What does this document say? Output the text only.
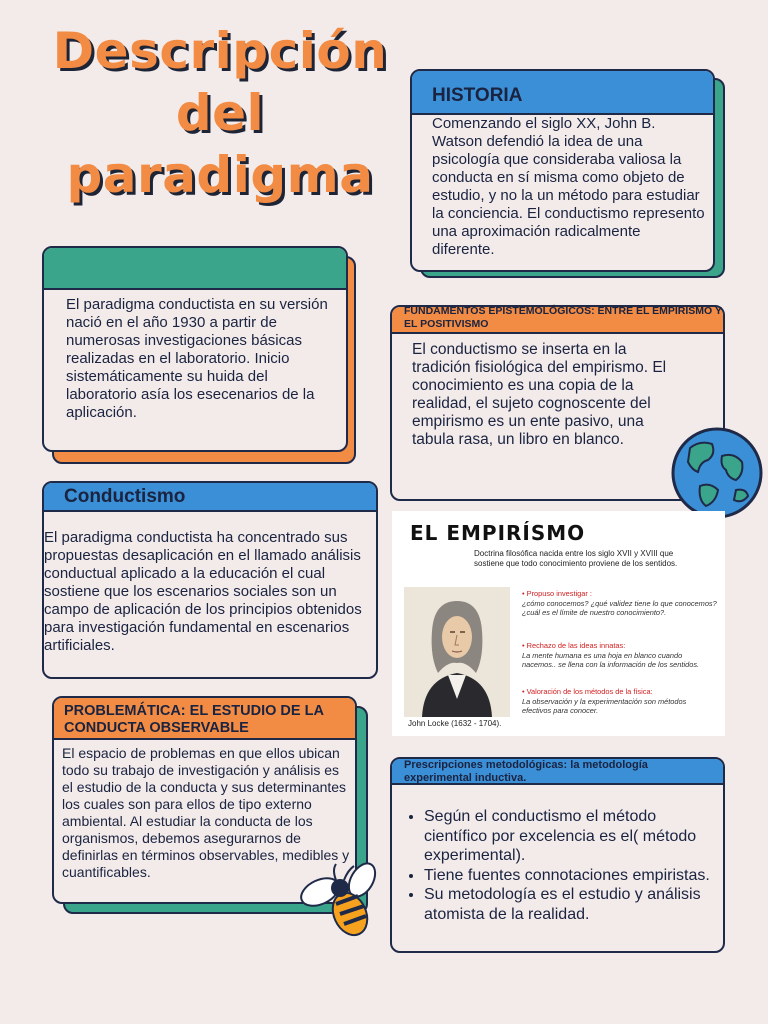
Descripción
del
paradigma
HISTORIA
Comenzando el siglo XX, John B. Watson defendió la idea de una psicología que consideraba valiosa la conducta en sí misma como objeto de estudio, y no la un método para estudiar la conciencia. El conductismo represento una aproximación radicalmente diferente.
El paradigma conductista en su versión nació en el año 1930 a partir de numerosas investigaciones básicas realizadas en el laboratorio. Inicio sistemáticamente su huida del laboratorio asía los esecenarios de la aplicación.
FUNDAMENTOS EPISTEMOLÓGICOS: ENTRE EL EMPIRISMO Y EL POSITIVISMO
El conductismo se inserta en la tradición fisiológica del empirismo. El conocimiento es una copia de la realidad, el sujeto cognoscente del empirismo es un ente pasivo, una tabula rasa, un libro en blanco.
Conductismo
El paradigma conductista ha concentrado sus propuestas desaplicación en el llamado análisis conductual aplicado a la educación el cual sostiene que los escenarios sociales son un campo de aplicación de los principios obtenidos para investigación fundamental en escenarios artificiales.
EL EMPIRÍSMO
Doctrina filosófica nacida entre los siglo XVII y XVIII que sostiene que todo conocimiento proviene de los sentidos.
John Locke (1632 - 1704).
• Propuso investigar :
¿cómo conocemos? ¿qué validez tiene lo que conocemos? ¿cuál es el límite de nuestro conocimiento?.
• Rechazo de las ideas innatas:
La mente humana es una hoja en blanco cuando nacemos.. se llena con la información de los sentidos.
• Valoración de los métodos de la física:
La observación y la experimentación son métodos efectivos para conocer.
PROBLEMÁTICA: EL ESTUDIO DE LA CONDUCTA OBSERVABLE
El espacio de problemas en que ellos ubican todo su trabajo de investigación y análisis es el estudio de la conducta y sus determinantes los cuales son para ellos de tipo externo ambiental. Al estudiar la conducta de los organismos, debemos asegurarnos de definirlas en términos observables, medibles y cuantificables.
Prescripciones metodológicas: la metodología experimental inductiva.
• Según el conductismo el método científico por excelencia es el( método experimental).
• Tiene fuentes connotaciones empiristas.
• Su metodología es el estudio y análisis atomista de la realidad.
